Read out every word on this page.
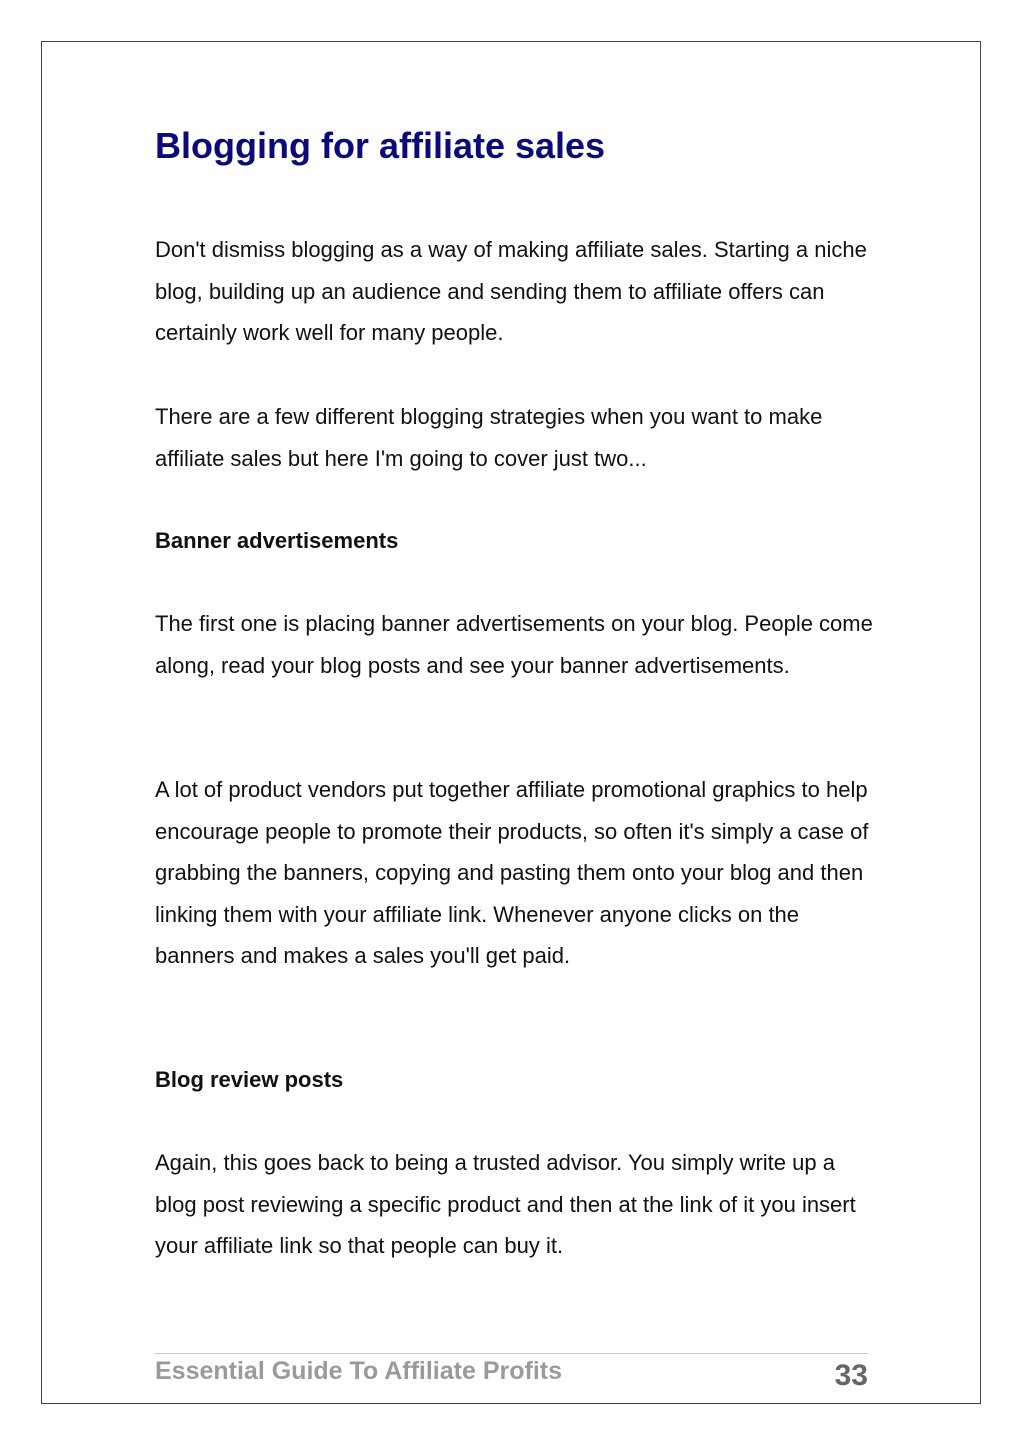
Blogging for affiliate sales

Don't dismiss blogging as a way of making affiliate sales. Starting a niche blog, building up an audience and sending them to affiliate offers can certainly work well for many people.

There are a few different blogging strategies when you want to make affiliate sales but here I'm going to cover just two...

Banner advertisements

The first one is placing banner advertisements on your blog. People come along, read your blog posts and see your banner advertisements.

A lot of product vendors put together affiliate promotional graphics to help encourage people to promote their products, so often it's simply a case of grabbing the banners, copying and pasting them onto your blog and then linking them with your affiliate link. Whenever anyone clicks on the banners and makes a sales you'll get paid.

Blog review posts

Again, this goes back to being a trusted advisor. You simply write up a blog post reviewing a specific product and then at the link of it you insert your affiliate link so that people can buy it.

Essential Guide To Affiliate Profits	33
